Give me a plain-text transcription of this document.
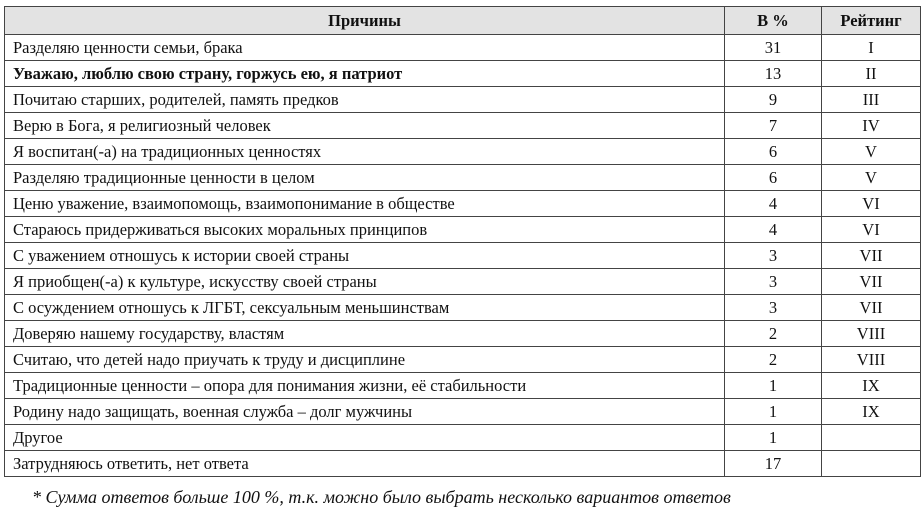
Причины	В %	Рейтинг
Разделяю ценности семьи, брака	31	I
Уважаю, люблю свою страну, горжусь ею, я патриот	13	II
Почитаю старших, родителей, память предков	9	III
Верю в Бога, я религиозный человек	7	IV
Я воспитан(-а) на традиционных ценностях	6	V
Разделяю традиционные ценности в целом	6	V
Ценю уважение, взаимопомощь, взаимопонимание в обществе	4	VI
Стараюсь придерживаться высоких моральных принципов	4	VI
С уважением отношусь к истории своей страны	3	VII
Я приобщен(-а) к культуре, искусству своей страны	3	VII
С осуждением отношусь к ЛГБТ, сексуальным меньшинствам	3	VII
Доверяю нашему государству, властям	2	VIII
Считаю, что детей надо приучать к труду и дисциплине	2	VIII
Традиционные ценности – опора для понимания жизни, её стабильности	1	IX
Родину надо защищать, военная служба – долг мужчины	1	IX
Другое	1	
Затрудняюсь ответить, нет ответа	17	
* Сумма ответов больше 100 %, т.к. можно было выбрать несколько вариантов ответов
